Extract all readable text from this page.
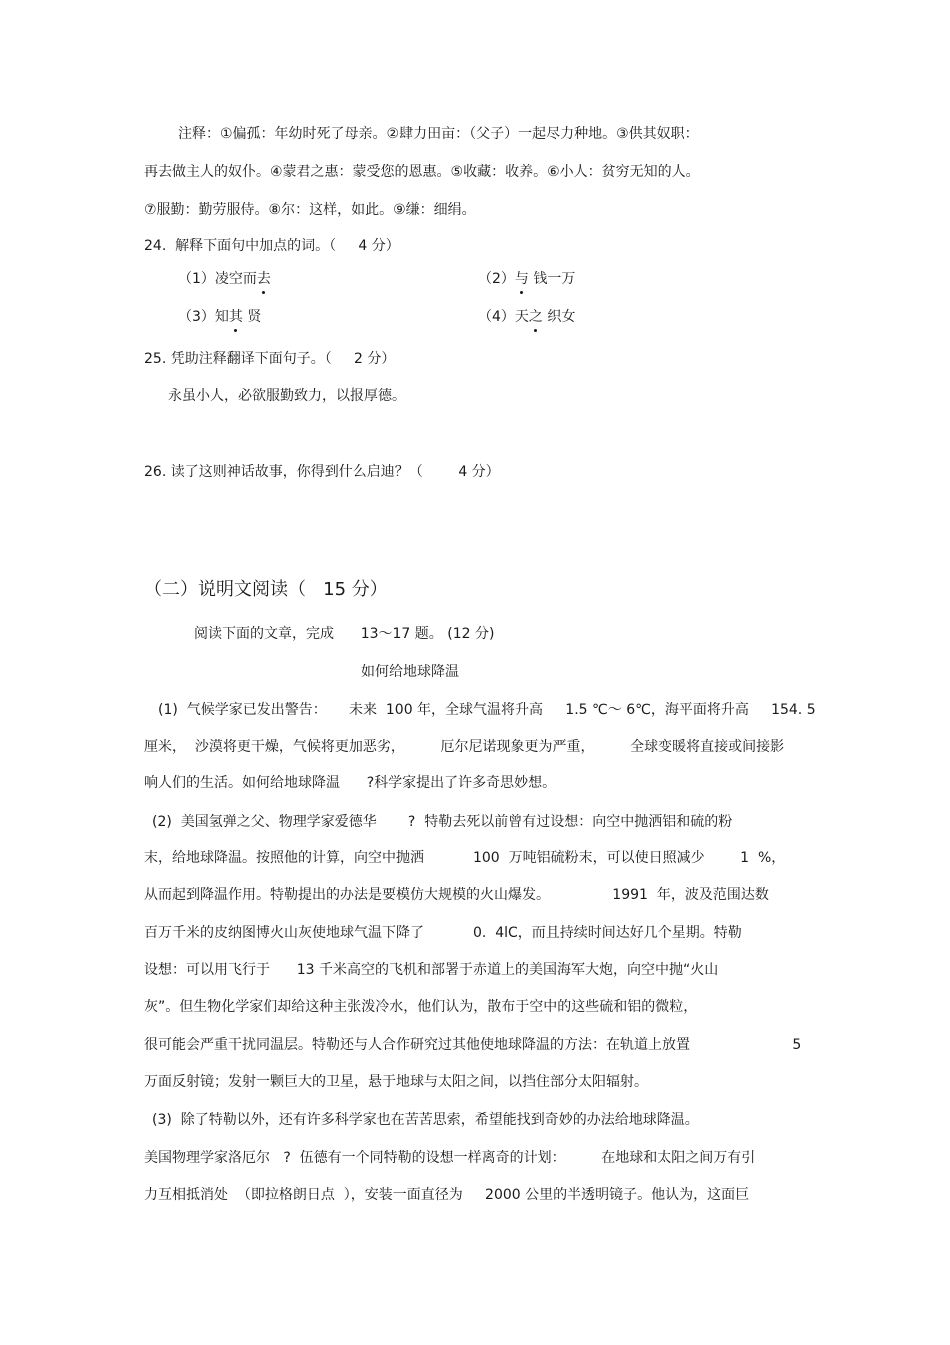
注释：①偏孤：年幼时死了母亲。②肆力田亩：（父子）一起尽力种地。③供其奴职：
再去做主人的奴仆。④蒙君之惠：蒙受您的恩惠。⑤收藏：收养。⑥小人：贫穷无知的人。
⑦服勤：勤劳服侍。⑧尔：这样，如此。⑨缣：细绢。
24.  解释下面句中加点的词。（     4 分）
（1）凌空而去	（2）与 钱一万
（3）知其 贤	（4）天之 织女
25. 凭助注释翻译下面句子。（     2 分）
永虽小人，必欲服勤致力，以报厚德。
26. 读了这则神话故事，你得到什么启迪？（        4 分）
（二）说明文阅读（   15 分）
阅读下面的文章，完成      13～17 题。 (12 分)
如何给地球降温
(1)  气候学家已发出警告：     未来  100 年，全球气温将升高     1.5 ℃～ 6℃，海平面将升高     154. 5
厘米，  沙漠将更干燥，气候将更加恶劣，        厄尔尼诺现象更为严重，        全球变暖将直接或间接影
响人们的生活。如何给地球降温      ?科学家提出了许多奇思妙想。
(2)  美国氢弹之父、物理学家爱德华       ?  特勒去死以前曾有过设想：向空中抛洒铝和硫的粉
末，给地球降温。按照他的计算，向空中抛洒           100  万吨铝硫粉末，可以使日照减少        1  %，
从而起到降温作用。特勒提出的办法是要模仿大规模的火山爆发。              1991  年，波及范围达数
百万千米的皮纳图博火山灰使地球气温下降了           0.  4lC，而且持续时间达好几个星期。特勒
设想：可以用飞行于      13 千米高空的飞机和部署于赤道上的美国海军大炮，向空中抛“火山
灰”。但生物化学家们却给这种主张泼冷水，他们认为，散布于空中的这些硫和铝的微粒，
很可能会严重干扰同温层。特勒还与人合作研究过其他使地球降温的方法：在轨道上放置                       5
万面反射镜；发射一颗巨大的卫星，悬于地球与太阳之间，以挡住部分太阳辐射。
(3)  除了特勒以外，还有许多科学家也在苦苦思索，希望能找到奇妙的办法给地球降温。
美国物理学家洛厄尔   ?  伍德有一个同特勒的设想一样离奇的计划：        在地球和太阳之间万有引
力互相抵消处  （即拉格朗日点  ），安装一面直径为     2000 公里的半透明镜子。他认为，这面巨
